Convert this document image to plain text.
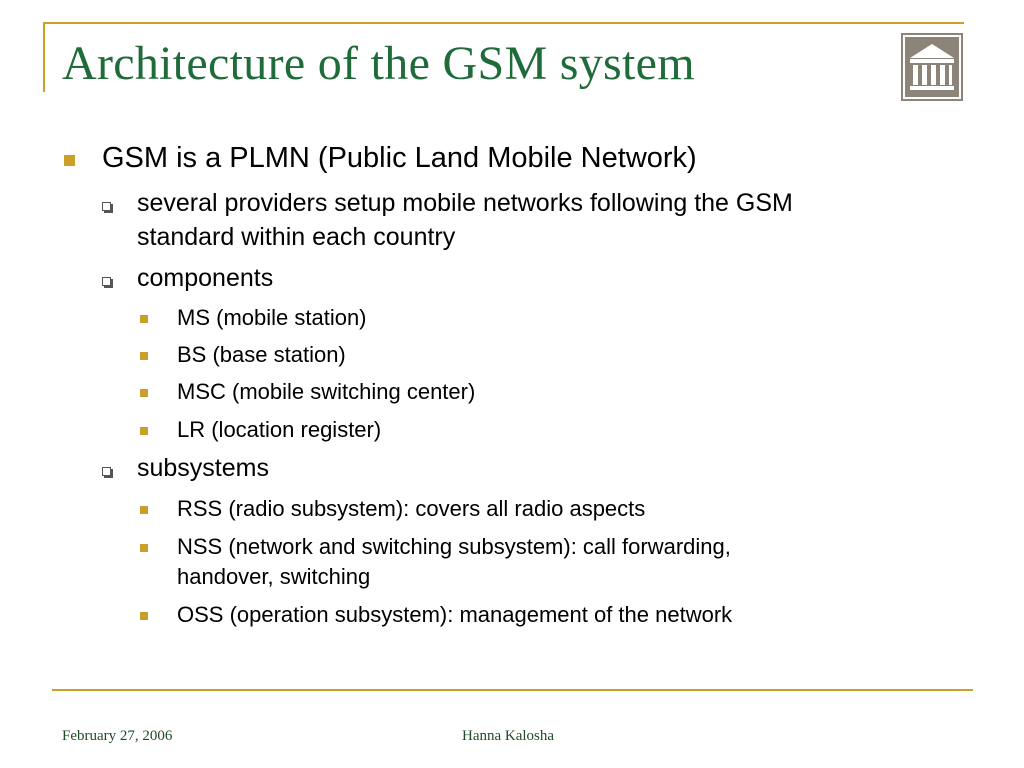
Architecture of the GSM system
GSM is a PLMN (Public Land Mobile Network)
several providers setup mobile networks following the GSM
standard within each country
components
MS (mobile station)
BS (base station)
MSC (mobile switching center)
LR (location register)
subsystems
RSS (radio subsystem): covers all radio aspects
NSS (network and switching subsystem): call forwarding,
handover, switching
OSS (operation subsystem): management of the network
February 27, 2006	Hanna Kalosha
